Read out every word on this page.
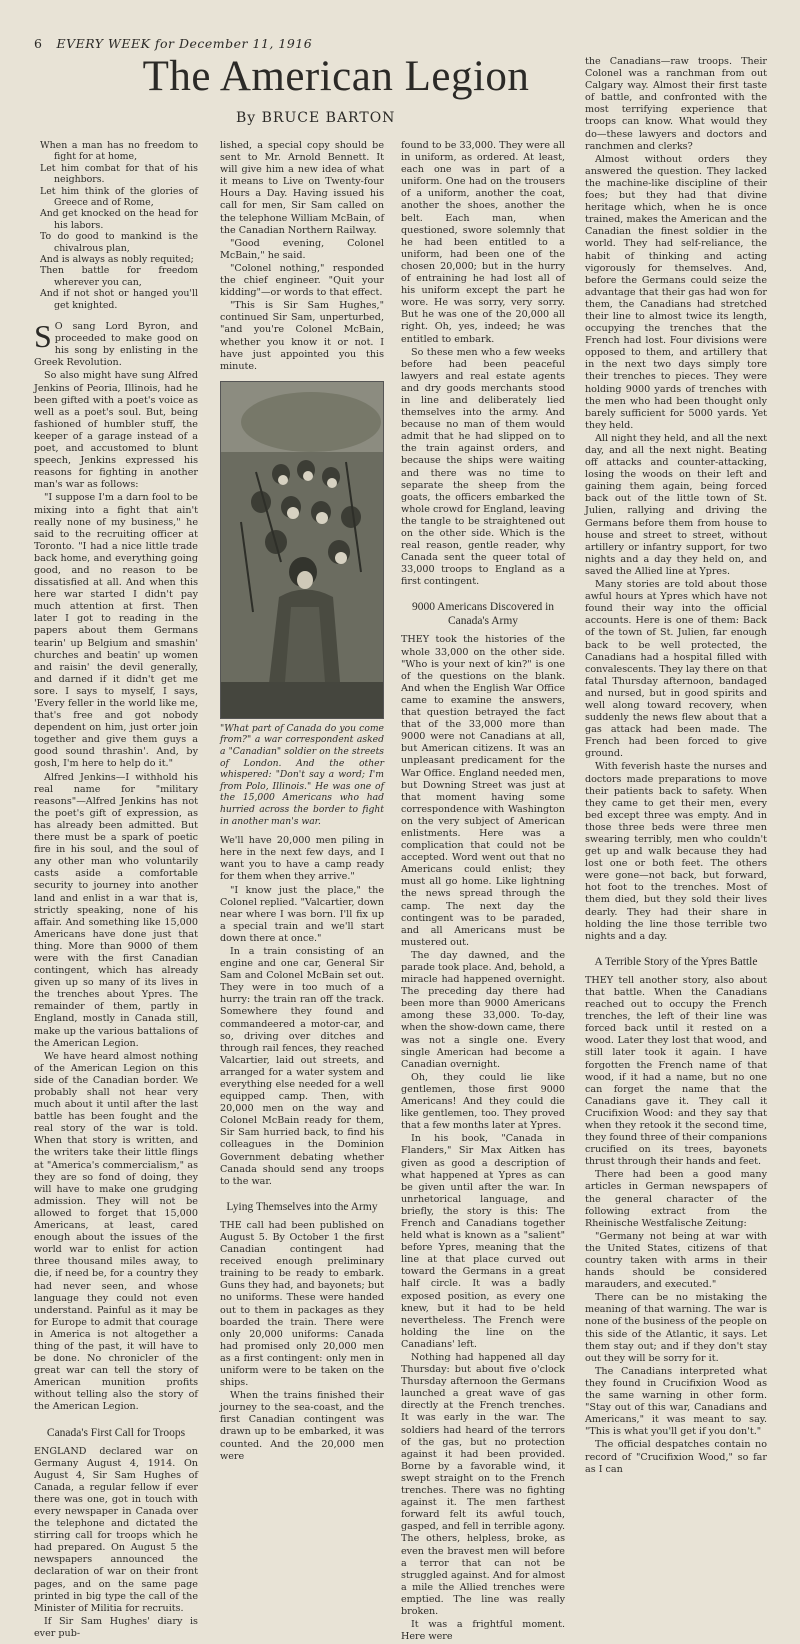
6 EVERY WEEK for December 11, 1916
The American Legion
By BRUCE BARTON
When a man has no freedom to fight for at home,
Let him combat for that of his neighbors.
Let him think of the glories of Greece and of Rome,
And get knocked on the head for his labors.
To do good to mankind is the chivalrous plan,
And is always as nobly requited;
Then battle for freedom wherever you can,
And if not shot or hanged you'll get knighted.

S O sang Lord Byron, and proceeded to make good on his song by enlisting in the Greek Revolution.

So also might have sung Alfred Jenkins of Peoria, Illinois, had he been gifted with a poet's voice as well as a poet's soul. But, being fashioned of humbler stuff, the keeper of a garage instead of a poet, and accustomed to blunt speech, Jenkins expressed his reasons for fighting in another man's war as follows:

"I suppose I'm a darn fool to be mixing into a fight that ain't really none of my business," he said to the recruiting officer at Toronto. "I had a nice little trade back home, and everything going good, and no reason to be dissatisfied at all. And when this here war started I didn't pay much attention at first. Then later I got to reading in the papers about them Germans tearin' up Belgium and smashin' churches and beatin' up women and raisin' the devil generally, and darned if it didn't get me sore. I says to myself, I says, 'Every feller in the world like me, that's free and got nobody dependent on him, just orter join together and give them guys a good sound thrashin'. And, by gosh, I'm here to help do it."

Alfred Jenkins—I withhold his real name for "military reasons"—Alfred Jenkins has not the poet's gift of expression, as has already been admitted. But there must be a spark of poetic fire in his soul, and the soul of any other man who voluntarily casts aside a comfortable security to journey into another land and enlist in a war that is, strictly speaking, none of his affair. And something like 15,000 Americans have done just that thing. More than 9000 of them were with the first Canadian contingent, which has already given up so many of its lives in the trenches about Ypres. The remainder of them, partly in England, mostly in Canada still, make up the various battalions of the American Legion.

We have heard almost nothing of the American Legion on this side of the Canadian border. We probably shall not hear very much about it until after the last battle has been fought and the real story of the war is told. When that story is written, and the writers take their little flings at "America's commercialism," as they are so fond of doing, they will have to make one grudging admission. They will not be allowed to forget that 15,000 Americans, at least, cared enough about the issues of the world war to enlist for action three thousand miles away, to die, if need be, for a country they had never seen, and whose language they could not even understand. Painful as it may be for Europe to admit that courage in America is not altogether a thing of the past, it will have to be done. No chronicler of the great war can tell the story of American munition profits without telling also the story of the American Legion.

Canada's First Call for Troops

ENGLAND declared war on Germany August 4, 1914. On August 4, Sir Sam Hughes of Canada, a regular fellow if ever there was one, got in touch with every newspaper in Canada over the telephone and dictated the stirring call for troops which he had prepared. On August 5 the newspapers announced the declaration of war on their front pages, and on the same page printed in big type the call of the Minister of Militia for recruits.

If Sir Sam Hughes' diary is ever pub-

lished, a special copy should be sent to Mr. Arnold Bennett. It will give him a new idea of what it means to Live on Twenty-four Hours a Day. Having issued his call for men, Sir Sam called on the telephone William McBain, of the Canadian Northern Railway.

"Good evening, Colonel McBain," he said.

"Colonel nothing," responded the chief engineer. "Quit your kidding"—or words to that effect.

"This is Sir Sam Hughes," continued Sir Sam, unperturbed, "and you're Colonel McBain, whether you know it or not. I have just appointed you this minute.

"What part of Canada do you come from?" a war correspondent asked a "Canadian" soldier on the streets of London. And the other whispered: "Don't say a word; I'm from Polo, Illinois." He was one of the 15,000 Americans who had hurried across the border to fight in another man's war.

We'll have 20,000 men piling in here in the next few days, and I want you to have a camp ready for them when they arrive."

"I know just the place," the Colonel replied. "Valcartier, down near where I was born. I'll fix up a special train and we'll start down there at once."

In a train consisting of an engine and one car, General Sir Sam and Colonel McBain set out. They were in too much of a hurry: the train ran off the track. Somewhere they found and commandeered a motor-car, and so, driving over ditches and through rail fences, they reached Valcartier, laid out streets, and arranged for a water system and everything else needed for a well equipped camp. Then, with 20,000 men on the way and Colonel McBain ready for them, Sir Sam hurried back, to find his colleagues in the Dominion Government debating whether Canada should send any troops to the war.

Lying Themselves into the Army

THE call had been published on August 5. By October 1 the first Canadian contingent had received enough preliminary training to be ready to embark. Guns they had, and bayonets; but no uniforms. These were handed out to them in packages as they boarded the train. There were only 20,000 uniforms: Canada had promised only 20,000 men as a first contingent: only men in uniform were to be taken on the ships.

When the trains finished their journey to the sea-coast, and the first Canadian contingent was drawn up to be embarked, it was counted. And the 20,000 men were

found to be 33,000. They were all in uniform, as ordered. At least, each one was in part of a uniform. One had on the trousers of a uniform, another the coat, another the shoes, another the belt. Each man, when questioned, swore solemnly that he had been entitled to a uniform, had been one of the chosen 20,000; but in the hurry of entraining he had lost all of his uniform except the part he wore. He was sorry, very sorry. But he was one of the 20,000 all right. Oh, yes, indeed; he was entitled to embark.

So these men who a few weeks before had been peaceful lawyers and real estate agents and dry goods merchants stood in line and deliberately lied themselves into the army. And because no man of them would admit that he had slipped on to the train against orders, and because the ships were waiting and there was no time to separate the sheep from the goats, the officers embarked the whole crowd for England, leaving the tangle to be straightened out on the other side. Which is the real reason, gentle reader, why Canada sent the queer total of 33,000 troops to England as a first contingent.

9000 Americans Discovered in Canada's Army

THEY took the histories of the whole 33,000 on the other side. "Who is your next of kin?" is one of the questions on the blank. And when the English War Office came to examine the answers, that question betrayed the fact that of the 33,000 more than 9000 were not Canadians at all, but American citizens. It was an unpleasant predicament for the War Office. England needed men, but Downing Street was just at that moment having some correspondence with Washington on the very subject of American enlistments. Here was a complication that could not be accepted. Word went out that no Americans could enlist; they must all go home. Like lightning the news spread through the camp. The next day the contingent was to be paraded, and all Americans must be mustered out.

The day dawned, and the parade took place. And, behold, a miracle had happened overnight. The preceding day there had been more than 9000 Americans among these 33,000. To-day, when the show-down came, there was not a single one. Every single American had become a Canadian overnight.

Oh, they could lie like gentlemen, those first 9000 Americans! And they could die like gentlemen, too. They proved that a few months later at Ypres.

In his book, "Canada in Flanders," Sir Max Aitken has given as good a description of what happened at Ypres as can be given until after the war. In unrhetorical language, and briefly, the story is this: The French and Canadians together held what is known as a "salient" before Ypres, meaning that the line at that place curved out toward the Germans in a great half circle. It was a badly exposed position, as every one knew, but it had to be held nevertheless. The French were holding the line on the Canadians' left.

Nothing had happened all day Thursday: but about five o'clock Thursday afternoon the Germans launched a great wave of gas directly at the French trenches. It was early in the war. The soldiers had heard of the terrors of the gas, but no protection against it had been provided. Borne by a favorable wind, it swept straight on to the French trenches. There was no fighting against it. The men farthest forward felt its awful touch, gasped, and fell in terrible agony. The others, helpless, broke, as even the bravest men will before a terror that can not be struggled against. And for almost a mile the Allied trenches were emptied. The line was really broken.

It was a frightful moment. Here were

the Canadians—raw troops. Their Colonel was a ranchman from out Calgary way. Almost their first taste of battle, and confronted with the most terrifying experience that troops can know. What would they do—these lawyers and doctors and ranchmen and clerks?

Almost without orders they answered the question. They lacked the machine-like discipline of their foes; but they had that divine heritage which, when he is once trained, makes the American and the Canadian the finest soldier in the world. They had self-reliance, the habit of thinking and acting vigorously for themselves. And, before the Germans could seize the advantage that their gas had won for them, the Canadians had stretched their line to almost twice its length, occupying the trenches that the French had lost. Four divisions were opposed to them, and artillery that in the next two days simply tore their trenches to pieces. They were holding 9000 yards of trenches with the men who had been thought only barely sufficient for 5000 yards. Yet they held.

All night they held, and all the next day, and all the next night. Beating off attacks and counter-attacking, losing the woods on their left and gaining them again, being forced back out of the little town of St. Julien, rallying and driving the Germans before them from house to house and street to street, without artillery or infantry support, for two nights and a day they held on, and saved the Allied line at Ypres.

Many stories are told about those awful hours at Ypres which have not found their way into the official accounts. Here is one of them: Back of the town of St. Julien, far enough back to be well protected, the Canadians had a hospital filled with convalescents. They lay there on that fatal Thursday afternoon, bandaged and nursed, but in good spirits and well along toward recovery, when suddenly the news flew about that a gas attack had been made. The French had been forced to give ground.

With feverish haste the nurses and doctors made preparations to move their patients back to safety. When they came to get their men, every bed except three was empty. And in those three beds were three men swearing terribly, men who couldn't get up and walk because they had lost one or both feet. The others were gone—not back, but forward, hot foot to the trenches. Most of them died, but they sold their lives dearly. They had their share in holding the line those terrible two nights and a day.

A Terrible Story of the Ypres Battle

THEY tell another story, also about that battle. When the Canadians reached out to occupy the French trenches, the left of their line was forced back until it rested on a wood. Later they lost that wood, and still later took it again. I have forgotten the French name of that wood, if it had a name, but no one can forget the name that the Canadians gave it. They call it Crucifixion Wood: and they say that when they retook it the second time, they found three of their companions crucified on its trees, bayonets thrust through their hands and feet.

There had been a good many articles in German newspapers of the general character of the following extract from the Rheinische Westfalische Zeitung:

"Germany not being at war with the United States, citizens of that country taken with arms in their hands should be considered marauders, and executed."

There can be no mistaking the meaning of that warning. The war is none of the business of the people on this side of the Atlantic, it says. Let them stay out; and if they don't stay out they will be sorry for it.

The Canadians interpreted what they found in Crucifixion Wood as the same warning in other form. "Stay out of this war, Canadians and Americans," it was meant to say. "This is what you'll get if you don't."

The official despatches contain no record of "Crucifixion Wood," so far as I can
